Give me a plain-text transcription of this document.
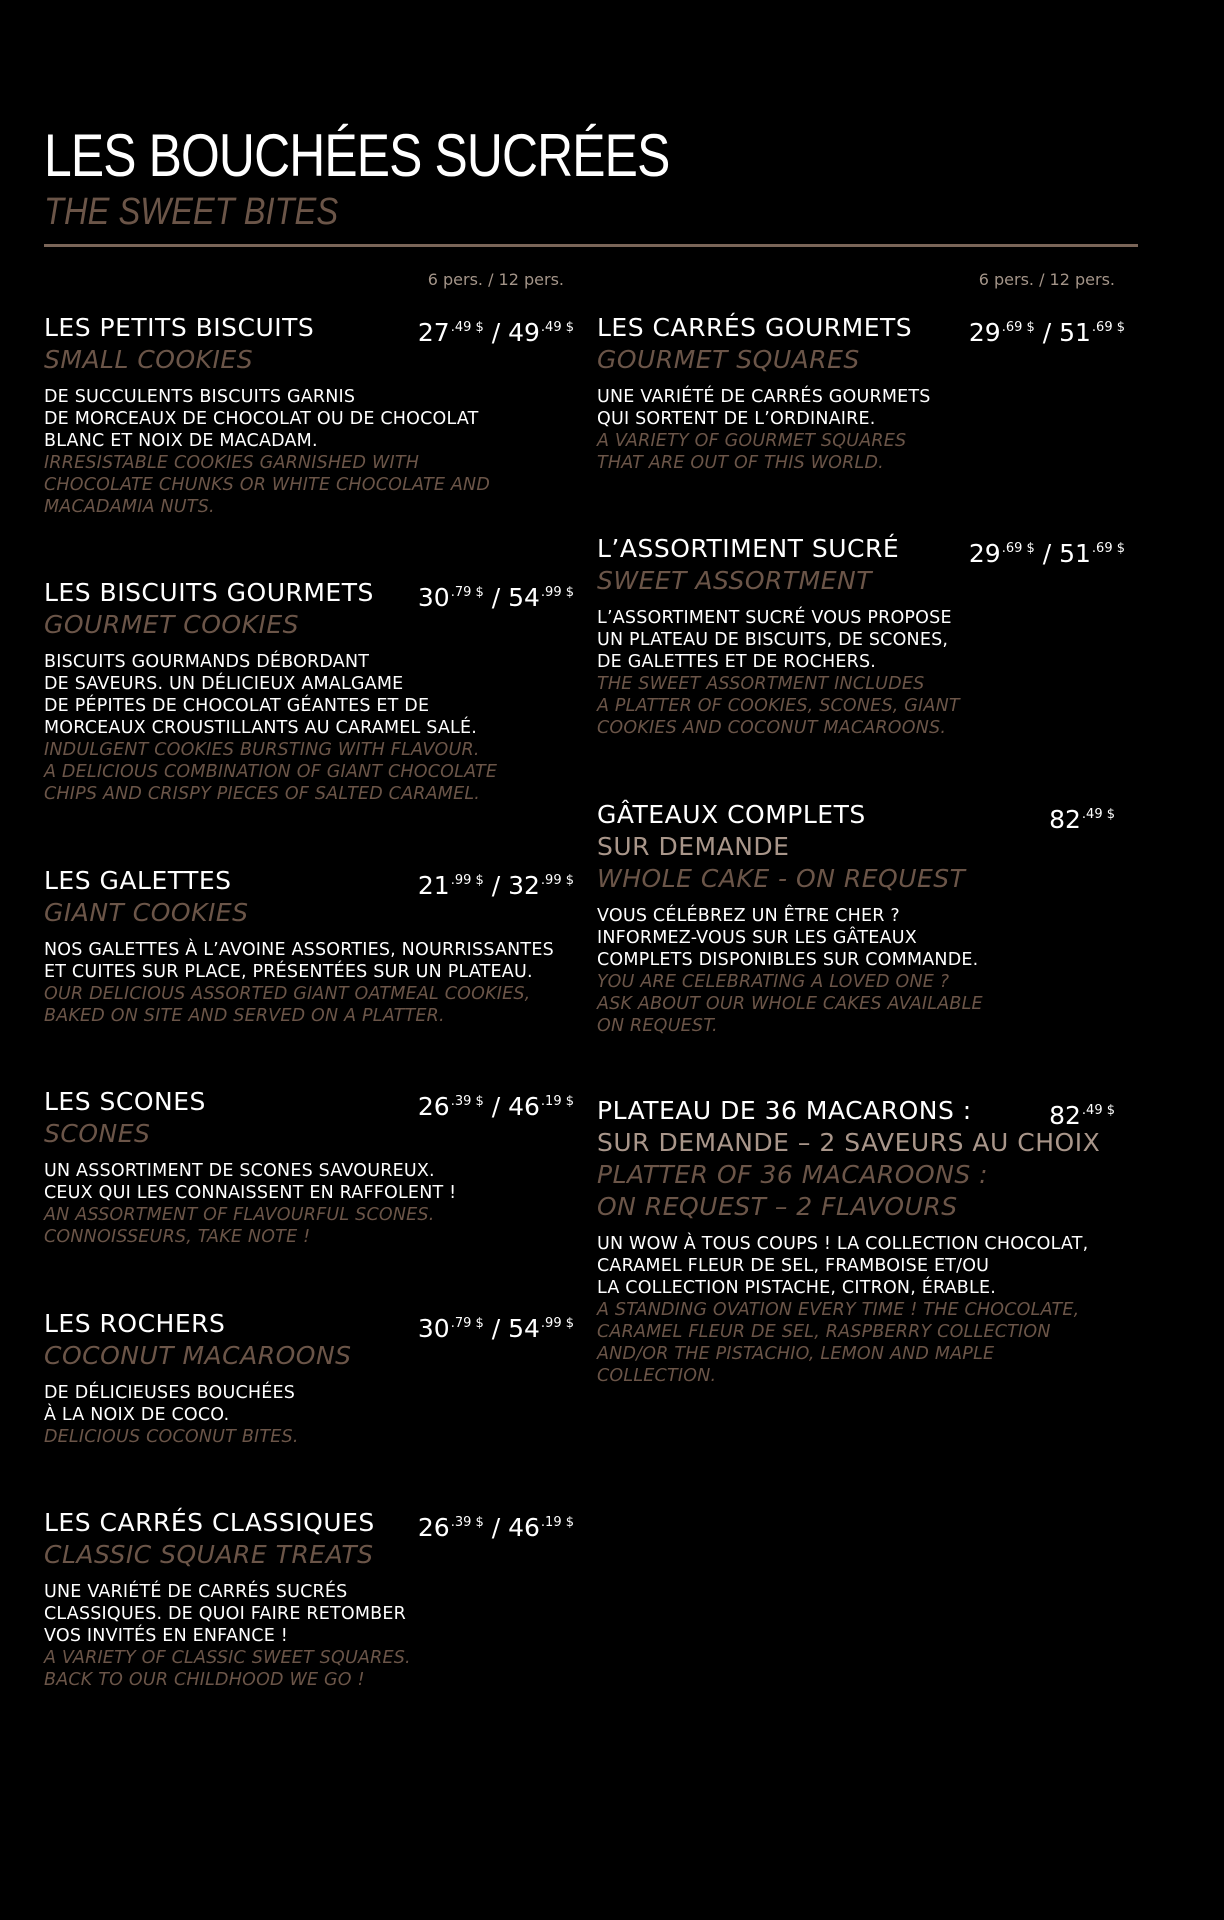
LES BOUCHÉES SUCRÉES
THE SWEET BITES
6 pers. / 12 pers.
LES PETITS BISCUITS	$27^{.49 \$} / 49^{.49 \$}$
SMALL COOKIES
DE SUCCULENTS BISCUITS GARNIS
DE MORCEAUX DE CHOCOLAT OU DE CHOCOLAT
BLANC ET NOIX DE MACADAM.
IRRESISTABLE COOKIES GARNISHED WITH
CHOCOLATE CHUNKS OR WHITE CHOCOLATE AND
MACADAMIA NUTS.
LES BISCUITS GOURMETS	$30^{.79 \$} / 54^{.99 \$}$
GOURMET COOKIES
BISCUITS GOURMANDS DÉBORDANT
DE SAVEURS. UN DÉLICIEUX AMALGAME
DE PÉPITES DE CHOCOLAT GÉANTES ET DE
MORCEAUX CROUSTILLANTS AU CARAMEL SALÉ.
INDULGENT COOKIES BURSTING WITH FLAVOUR.
A DELICIOUS COMBINATION OF GIANT CHOCOLATE
CHIPS AND CRISPY PIECES OF SALTED CARAMEL.
LES GALETTES	$21^{.99 \$} / 32^{.99 \$}$
GIANT COOKIES
NOS GALETTES À L’AVOINE ASSORTIES, NOURRISSANTES
ET CUITES SUR PLACE, PRÉSENTÉES SUR UN PLATEAU.
OUR DELICIOUS ASSORTED GIANT OATMEAL COOKIES,
BAKED ON SITE AND SERVED ON A PLATTER.
LES SCONES	$26^{.39 \$} / 46^{.19 \$}$
SCONES
UN ASSORTIMENT DE SCONES SAVOUREUX.
CEUX QUI LES CONNAISSENT EN RAFFOLENT !
AN ASSORTMENT OF FLAVOURFUL SCONES.
CONNOISSEURS, TAKE NOTE !
LES ROCHERS	$30^{.79 \$} / 54^{.99 \$}$
COCONUT MACAROONS
DE DÉLICIEUSES BOUCHÉES
À LA NOIX DE COCO.
DELICIOUS COCONUT BITES.
LES CARRÉS CLASSIQUES	$26^{.39 \$} / 46^{.19 \$}$
CLASSIC SQUARE TREATS
UNE VARIÉTÉ DE CARRÉS SUCRÉS
CLASSIQUES. DE QUOI FAIRE RETOMBER
VOS INVITÉS EN ENFANCE !
A VARIETY OF CLASSIC SWEET SQUARES.
BACK TO OUR CHILDHOOD WE GO !
6 pers. / 12 pers.
LES CARRÉS GOURMETS	$29^{.69 \$} / 51^{.69 \$}$
GOURMET SQUARES
UNE VARIÉTÉ DE CARRÉS GOURMETS
QUI SORTENT DE L’ORDINAIRE.
A VARIETY OF GOURMET SQUARES
THAT ARE OUT OF THIS WORLD.
L’ASSORTIMENT SUCRÉ	$29^{.69 \$} / 51^{.69 \$}$
SWEET ASSORTMENT
L’ASSORTIMENT SUCRÉ VOUS PROPOSE
UN PLATEAU DE BISCUITS, DE SCONES,
DE GALETTES ET DE ROCHERS.
THE SWEET ASSORTMENT INCLUDES
A PLATTER OF COOKIES, SCONES, GIANT
COOKIES AND COCONUT MACAROONS.
GÂTEAUX COMPLETS	$82^{.49 \$}$
SUR DEMANDE
WHOLE CAKE - ON REQUEST
VOUS CÉLÉBREZ UN ÊTRE CHER ?
INFORMEZ-VOUS SUR LES GÂTEAUX
COMPLETS DISPONIBLES SUR COMMANDE.
YOU ARE CELEBRATING A LOVED ONE ?
ASK ABOUT OUR WHOLE CAKES AVAILABLE
ON REQUEST.
PLATEAU DE 36 MACARONS :	$82^{.49 \$}$
SUR DEMANDE – 2 SAVEURS AU CHOIX
PLATTER OF 36 MACAROONS :
ON REQUEST – 2 FLAVOURS
UN WOW À TOUS COUPS ! LA COLLECTION CHOCOLAT,
CARAMEL FLEUR DE SEL, FRAMBOISE ET/OU
LA COLLECTION PISTACHE, CITRON, ÉRABLE.
A STANDING OVATION EVERY TIME ! THE CHOCOLATE,
CARAMEL FLEUR DE SEL, RASPBERRY COLLECTION
AND/OR THE PISTACHIO, LEMON AND MAPLE
COLLECTION.
